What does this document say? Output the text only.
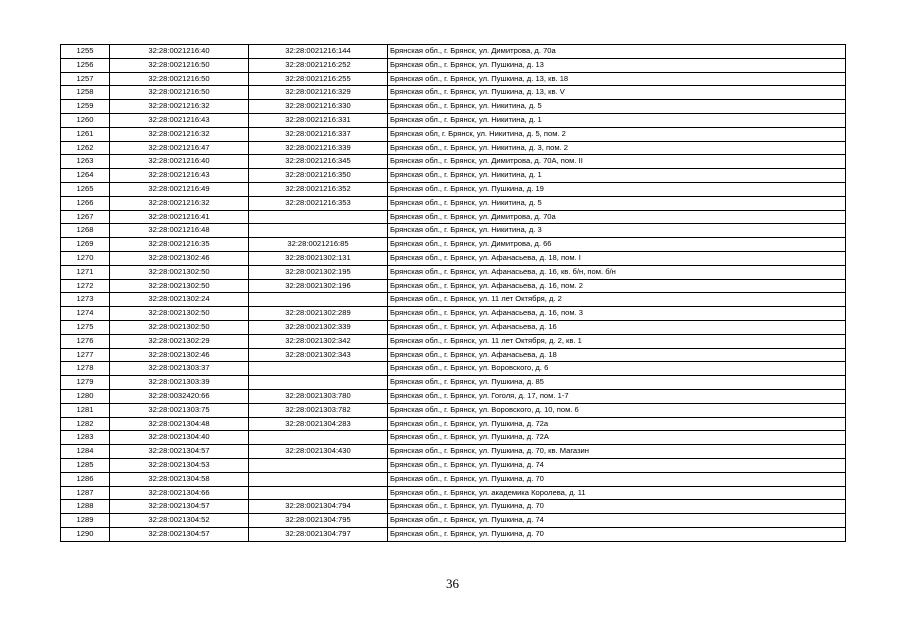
1255	32:28:0021216:40	32:28:0021216:144	Брянская обл., г. Брянск, ул. Димитрова, д. 70а
1256	32:28:0021216:50	32:28:0021216:252	Брянская обл., г. Брянск, ул. Пушкина, д. 13
1257	32:28:0021216:50	32:28:0021216:255	Брянская обл., г. Брянск, ул. Пушкина, д. 13, кв. 18
1258	32:28:0021216:50	32:28:0021216:329	Брянская обл., г. Брянск, ул. Пушкина, д. 13, кв. V
1259	32:28:0021216:32	32:28:0021216:330	Брянская обл., г. Брянск, ул. Никитина, д. 5
1260	32:28:0021216:43	32:28:0021216:331	Брянская обл., г. Брянск, ул. Никитина, д. 1
1261	32:28:0021216:32	32:28:0021216:337	Брянская обл, г. Брянск, ул. Никитина, д. 5, пом. 2
1262	32:28:0021216:47	32:28:0021216:339	Брянская обл., г. Брянск, ул. Никитина, д. 3, пом. 2
1263	32:28:0021216:40	32:28:0021216:345	Брянская обл., г. Брянск, ул. Димитрова, д. 70А, пом. II
1264	32:28:0021216:43	32:28:0021216:350	Брянская обл., г. Брянск, ул. Никитина, д. 1
1265	32:28:0021216:49	32:28:0021216:352	Брянская обл., г. Брянск, ул. Пушкина, д. 19
1266	32:28:0021216:32	32:28:0021216:353	Брянская обл., г. Брянск, ул. Никитина, д. 5
1267	32:28:0021216:41		Брянская обл., г. Брянск, ул. Димитрова, д. 70а
1268	32:28:0021216:48		Брянская обл., г. Брянск, ул. Никитина, д. 3
1269	32:28:0021216:35	32:28:0021216:85	Брянская обл., г. Брянск, ул. Димитрова, д. 66
1270	32:28:0021302:46	32:28:0021302:131	Брянская обл., г. Брянск, ул. Афанасьева, д. 18, пом. I
1271	32:28:0021302:50	32:28:0021302:195	Брянская обл., г. Брянск, ул. Афанасьева, д. 16, кв. б/н, пом. б/н
1272	32:28:0021302:50	32:28:0021302:196	Брянская обл., г. Брянск, ул. Афанасьева, д. 16, пом. 2
1273	32:28:0021302:24		Брянская обл., г. Брянск, ул. 11 лет Октября, д. 2
1274	32:28:0021302:50	32:28:0021302:289	Брянская обл., г. Брянск, ул. Афанасьева, д. 16, пом. 3
1275	32:28:0021302:50	32:28:0021302:339	Брянская обл., г. Брянск, ул. Афанасьева, д. 16
1276	32:28:0021302:29	32:28:0021302:342	Брянская обл., г. Брянск, ул. 11 лет Октября, д. 2, кв. 1
1277	32:28:0021302:46	32:28:0021302:343	Брянская обл., г. Брянск, ул. Афанасьева, д. 18
1278	32:28:0021303:37		Брянская обл., г. Брянск, ул. Воровского, д. 6
1279	32:28:0021303:39		Брянская обл., г. Брянск, ул. Пушкина, д. 85
1280	32:28:0032420:66	32:28:0021303:780	Брянская обл., г. Брянск, ул. Гоголя, д. 17, пом. 1-7
1281	32:28:0021303:75	32:28:0021303:782	Брянская обл., г. Брянск, ул. Воровского, д. 10, пом. 6
1282	32:28:0021304:48	32:28:0021304:283	Брянская обл., г. Брянск, ул. Пушкина, д. 72а
1283	32:28:0021304:40		Брянская обл., г. Брянск, ул. Пушкина, д. 72А
1284	32:28:0021304:57	32:28:0021304:430	Брянская обл., г. Брянск, ул. Пушкина, д. 70, кв. Магазин
1285	32:28:0021304:53		Брянская обл., г. Брянск, ул. Пушкина, д. 74
1286	32:28:0021304:58		Брянская обл., г. Брянск, ул. Пушкина, д. 70
1287	32:28:0021304:66		Брянская обл., г. Брянск, ул. академика Королева, д. 11
1288	32:28:0021304:57	32:28:0021304:794	Брянская обл., г. Брянск, ул. Пушкина, д. 70
1289	32:28:0021304:52	32:28:0021304:795	Брянская обл., г. Брянск, ул. Пушкина, д. 74
1290	32:28:0021304:57	32:28:0021304:797	Брянская обл., г. Брянск, ул. Пушкина, д. 70
36
